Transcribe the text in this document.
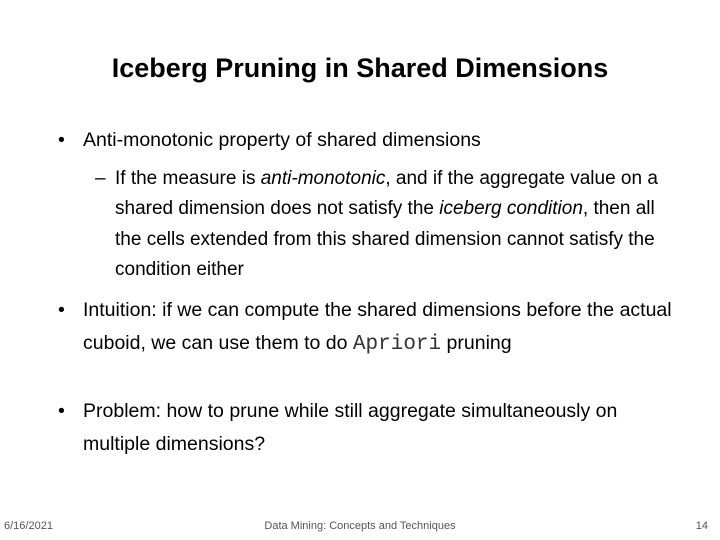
Iceberg Pruning in Shared Dimensions
• Anti-monotonic property of shared dimensions
– If the measure is anti-monotonic, and if the aggregate value on a shared dimension does not satisfy the iceberg condition, then all the cells extended from this shared dimension cannot satisfy the condition either
• Intuition: if we can compute the shared dimensions before the actual cuboid, we can use them to do Apriori pruning
• Problem: how to prune while still aggregate simultaneously on multiple dimensions?
6/16/2021	Data Mining: Concepts and Techniques	14
